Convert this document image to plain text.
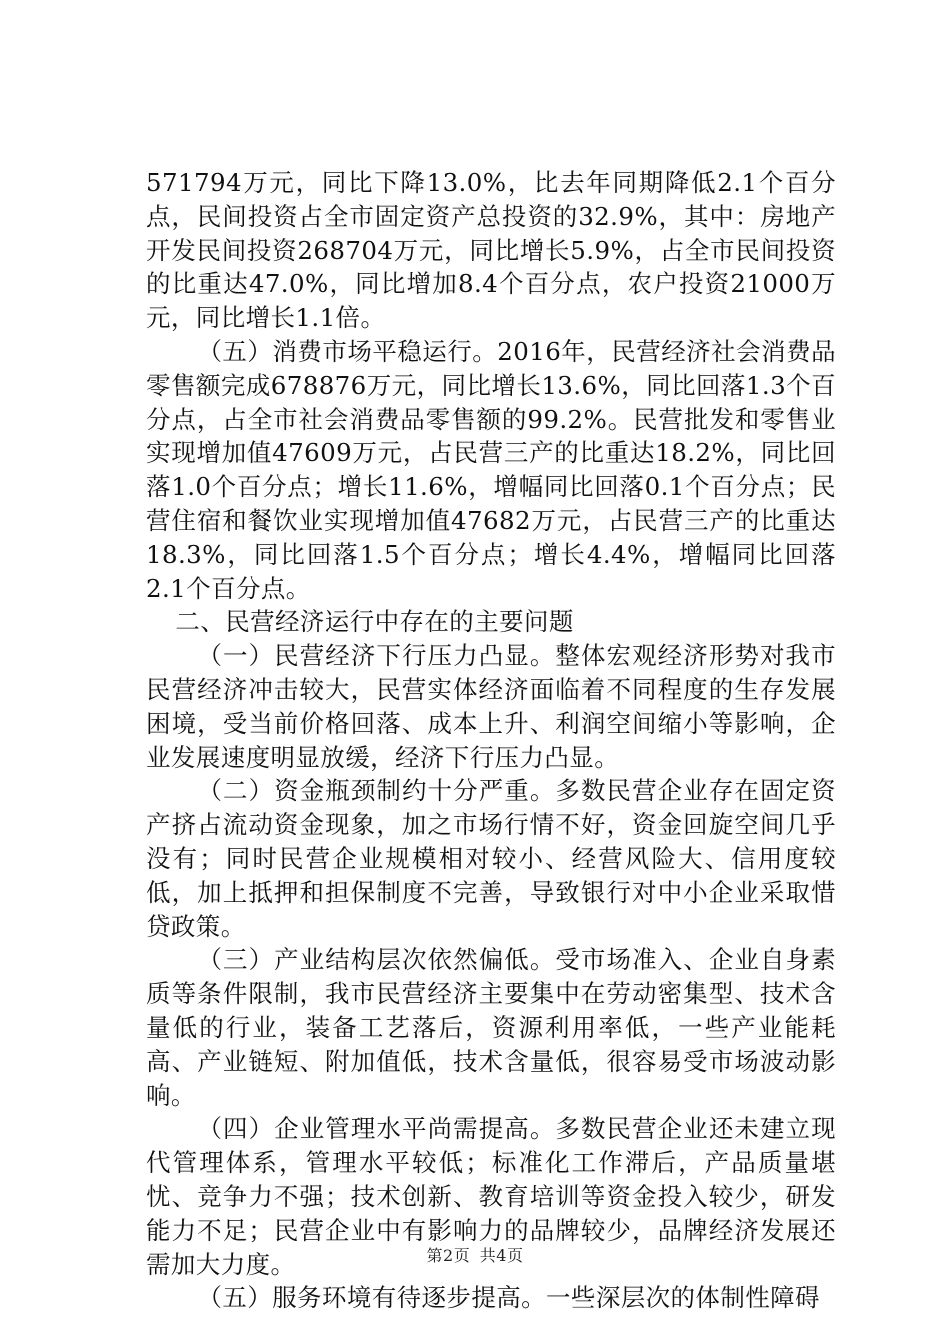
571794万元，同比下降13.0%，比去年同期降低2.1个百分点，民间投资占全市固定资产总投资的32.9%，其中：房地产开发民间投资268704万元，同比增长5.9%，占全市民间投资的比重达47.0%，同比增加8.4个百分点，农户投资21000万元，同比增长1.1倍。

（五）消费市场平稳运行。2016年，民营经济社会消费品零售额完成678876万元，同比增长13.6%，同比回落1.3个百分点，占全市社会消费品零售额的99.2%。民营批发和零售业实现增加值47609万元，占民营三产的比重达18.2%，同比回落1.0个百分点；增长11.6%，增幅同比回落0.1个百分点；民营住宿和餐饮业实现增加值47682万元，占民营三产的比重达18.3%，同比回落1.5个百分点；增长4.4%，增幅同比回落2.1个百分点。

二、民营经济运行中存在的主要问题

（一）民营经济下行压力凸显。整体宏观经济形势对我市民营经济冲击较大，民营实体经济面临着不同程度的生存发展困境，受当前价格回落、成本上升、利润空间缩小等影响，企业发展速度明显放缓，经济下行压力凸显。

（二）资金瓶颈制约十分严重。多数民营企业存在固定资产挤占流动资金现象，加之市场行情不好，资金回旋空间几乎没有；同时民营企业规模相对较小、经营风险大、信用度较低，加上抵押和担保制度不完善，导致银行对中小企业采取惜贷政策。

（三）产业结构层次依然偏低。受市场准入、企业自身素质等条件限制，我市民营经济主要集中在劳动密集型、技术含量低的行业，装备工艺落后，资源利用率低，一些产业能耗高、产业链短、附加值低，技术含量低，很容易受市场波动影响。

（四）企业管理水平尚需提高。多数民营企业还未建立现代管理体系，管理水平较低；标准化工作滞后，产品质量堪忧、竞争力不强；技术创新、教育培训等资金投入较少，研发能力不足；民营企业中有影响力的品牌较少，品牌经济发展还需加大力度。

（五）服务环境有待逐步提高。一些深层次的体制性障碍

第2页 共4页
